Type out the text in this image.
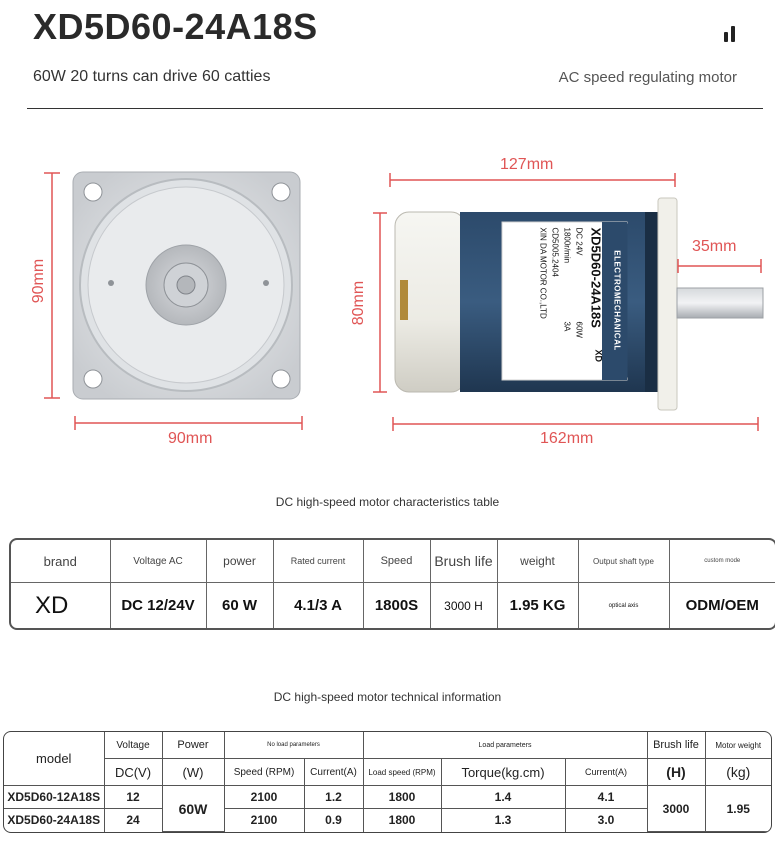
XD5D60-24A18S
60W 20 turns can drive 60 catties	AC speed regulating motor
90mm
90mm
127mm
35mm
80mm
162mm
ELECTROMECHANICAL
XD5D60-24A18S
XD
DC 24V
60W
1800r/min
3A
CD5005.2404
XIN DA MOTOR CO.,LTD
DC high-speed motor characteristics table
brand	Voltage AC	power	Rated current	Speed	Brush life	weight	Output shaft type	custom mode
XD	DC 12/24V	60 W	4.1/3 A	1800S	3000 H	1.95 KG	optical axis	ODM/OEM
DC high-speed motor technical information
model	Voltage	Power	No load parameters		Load parameters			Brush life	Motor weight
	DC(V)	(W)	Speed (RPM)	Current(A)	Load speed (RPM)	Torque(kg.cm)	Current(A)	(H)	(kg)
XD5D60-12A18S	12	60W	2100	1.2	1800	1.4	4.1	3000	1.95
XD5D60-24A18S	24		2100	0.9	1800	1.3	3.0		
